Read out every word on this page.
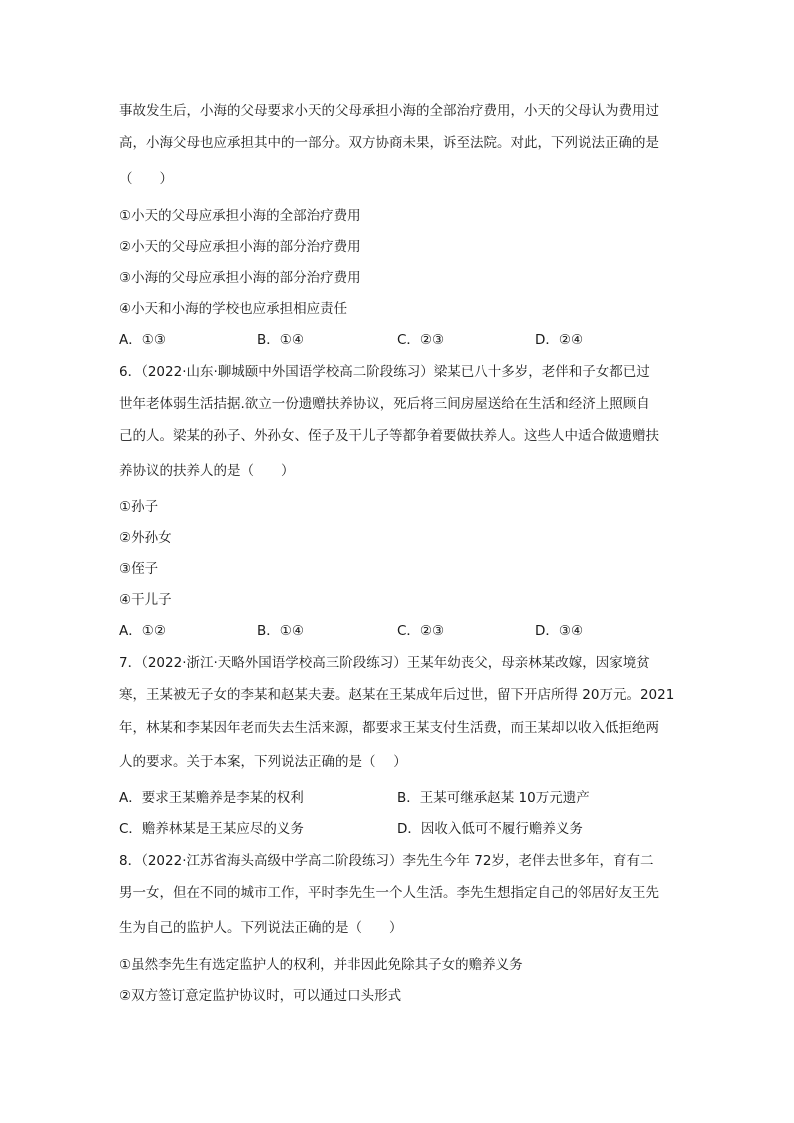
事故发生后，小海的父母要求小天的父母承担小海的全部治疗费用，小天的父母认为费用过
高，小海父母也应承担其中的一部分。双方协商未果，诉至法院。对此，下列说法正确的是
（　　）
①小天的父母应承担小海的全部治疗费用
②小天的父母应承担小海的部分治疗费用
③小海的父母应承担小海的部分治疗费用
④小天和小海的学校也应承担相应责任
A．①③	B．①④	C．②③	D．②④
6．（2022·山东·聊城颐中外国语学校高二阶段练习）梁某已八十多岁，老伴和子女都已过
世年老体弱生活拮据.欲立一份遗赠扶养协议，死后将三间房屋送给在生活和经济上照顾自
己的人。梁某的孙子、外孙女、侄子及干儿子等都争着要做扶养人。这些人中适合做遗赠扶
养协议的扶养人的是（　　）
①孙子
②外孙女
③侄子
④干儿子
A．①②	B．①④	C．②③	D．③④
7．（2022·浙江·天略外国语学校高三阶段练习）王某年幼丧父，母亲林某改嫁，因家境贫
寒，王某被无子女的李某和赵某夫妻。赵某在王某成年后过世，留下开店所得 20万元。2021
年，林某和李某因年老而失去生活来源，都要求王某支付生活费，而王某却以收入低拒绝两
人的要求。关于本案，下列说法正确的是（　 ）
A．要求王某赡养是李某的权利	B．王某可继承赵某 10万元遗产
C．赡养林某是王某应尽的义务	D．因收入低可不履行赡养义务
8．（2022·江苏省海头高级中学高二阶段练习）李先生今年 72岁，老伴去世多年，育有二
男一女，但在不同的城市工作，平时李先生一个人生活。李先生想指定自己的邻居好友王先
生为自己的监护人。下列说法正确的是（　　）
①虽然李先生有选定监护人的权利，并非因此免除其子女的赡养义务
②双方签订意定监护协议时，可以通过口头形式
